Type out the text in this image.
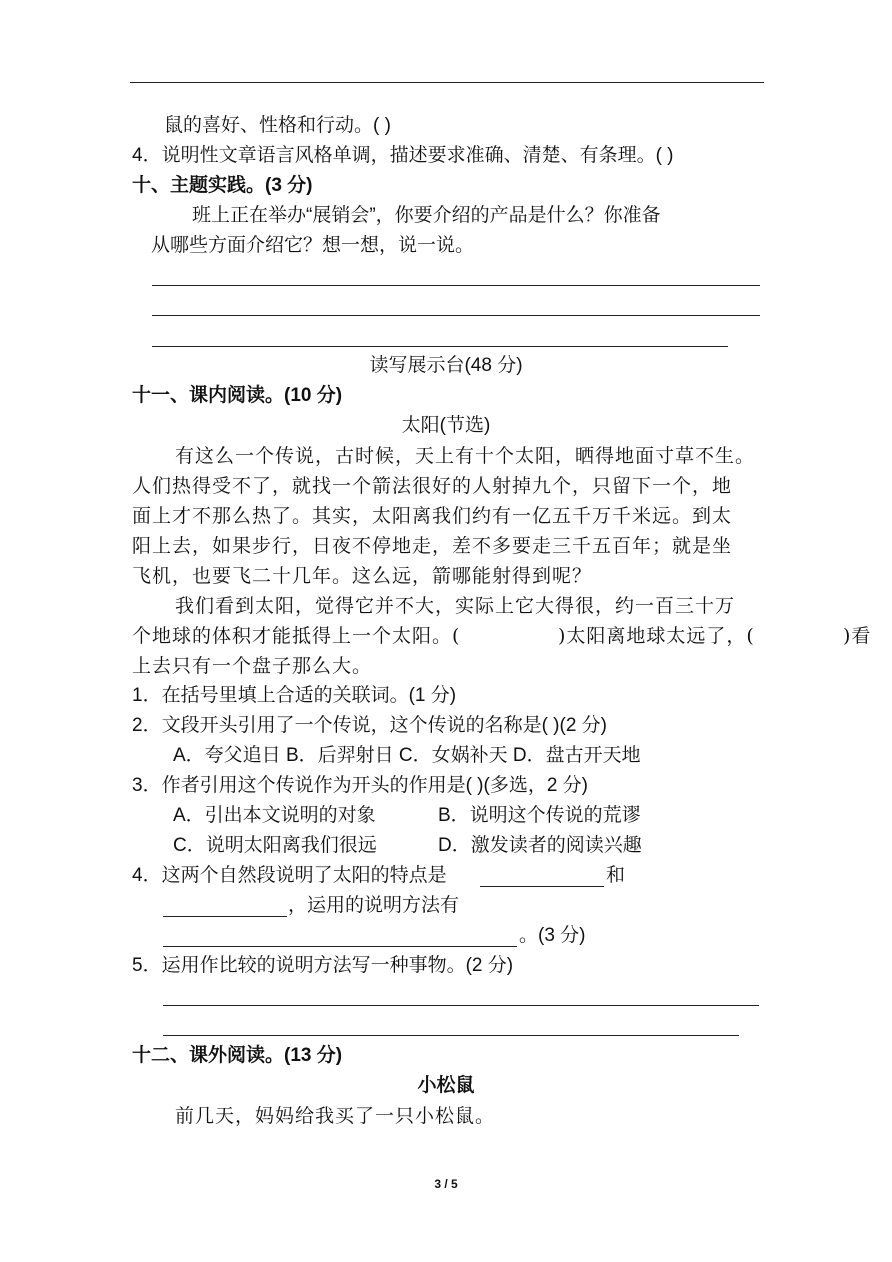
鼠的喜好、性格和行动。( )
4．说明性文章语言风格单调，描述要求准确、清楚、有条理。( )
十、主题实践。(3 分)
班上正在举办“展销会”，你要介绍的产品是什么？你准备
从哪些方面介绍它？想一想，说一说。
读写展示台(48 分)
十一、课内阅读。(10 分)
太阳(节选)
有这么一个传说，古时候，天上有十个太阳，晒得地面寸草不生。
人们热得受不了，就找一个箭法很好的人射掉九个，只留下一个，地
面上才不那么热了。其实，太阳离我们约有一亿五千万千米远。到太
阳上去，如果步行，日夜不停地走，差不多要走三千五百年；就是坐
飞机，也要飞二十几年。这么远，箭哪能射得到呢？
我们看到太阳，觉得它并不大，实际上它大得很，约一百三十万
个地球的体积才能抵得上一个太阳。(	)太阳离地球太远了，(	)看
上去只有一个盘子那么大。
1．在括号里填上合适的关联词。(1 分)
2．文段开头引用了一个传说，这个传说的名称是( )(2 分)
A．夸父追日 B．后羿射日 C．女娲补天 D．盘古开天地
3．作者引用这个传说作为开头的作用是( )(多选，2 分)
A．引出本文说明的对象	B．说明这个传说的荒谬
C．说明太阳离我们很远	D．激发读者的阅读兴趣
4．这两个自然段说明了太阳的特点是	和
，运用的说明方法有
。(3 分)
5．运用作比较的说明方法写一种事物。(2 分)
十二、课外阅读。(13 分)
小松鼠
前几天，妈妈给我买了一只小松鼠。
3 / 5
